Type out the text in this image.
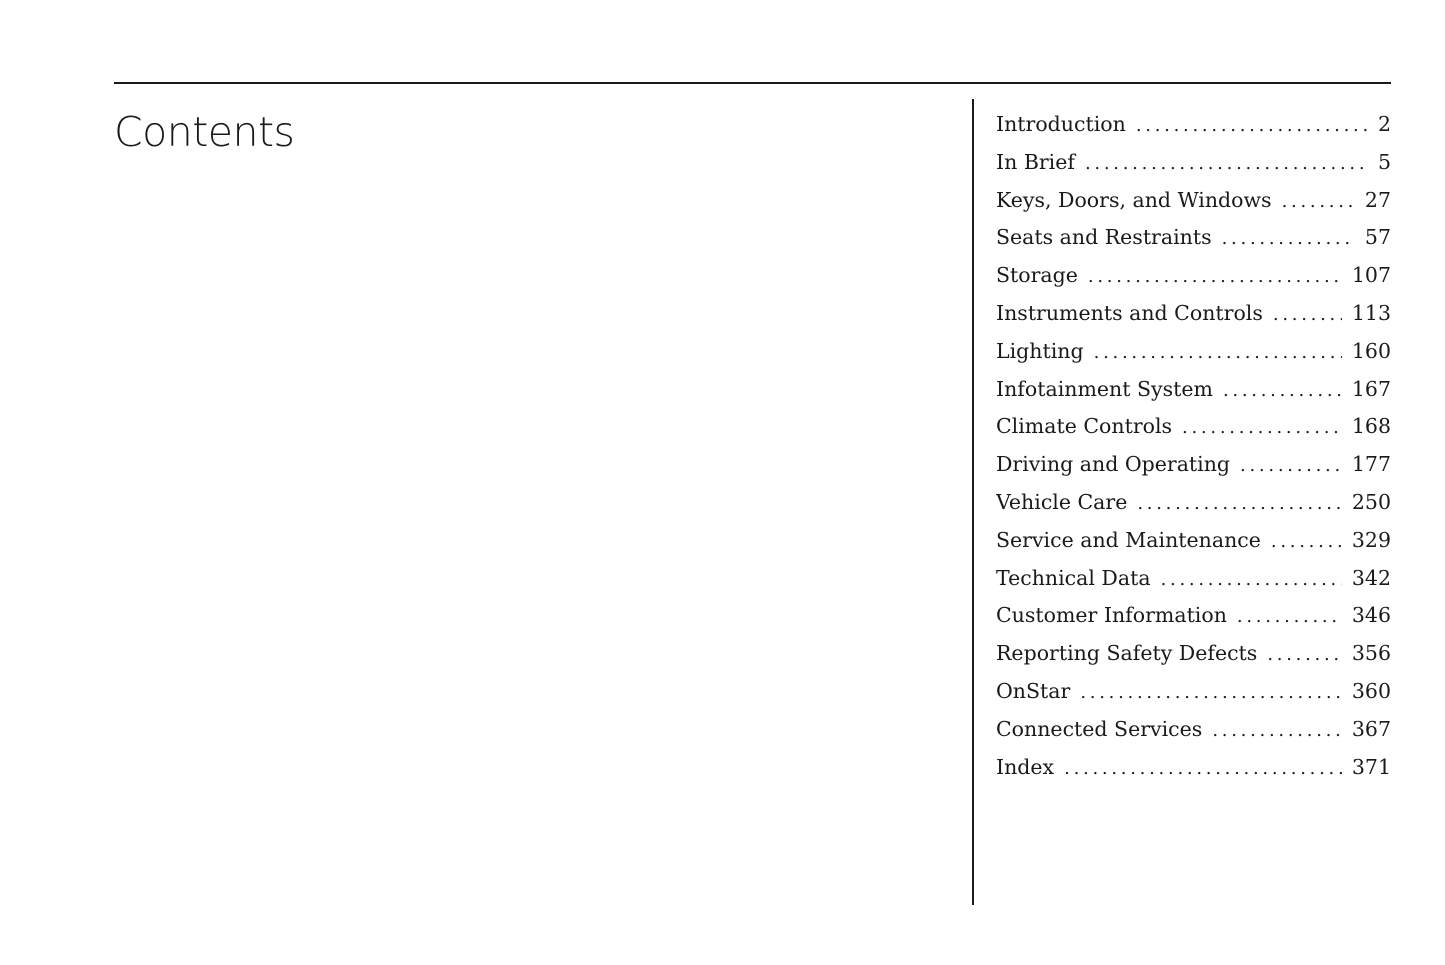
Contents	Introduction . . .	2
In Brief . . .	5
Keys, Doors, and Windows . . .	27
Seats and Restraints . . .	57
Storage . . .	107
Instruments and Controls . . .	113
Lighting . . .	160
Infotainment System . . .	167
Climate Controls . . .	168
Driving and Operating . . .	177
Vehicle Care . . .	250
Service and Maintenance . . .	329
Technical Data . . .	342
Customer Information . . .	346
Reporting Safety Defects . . .	356
OnStar . . .	360
Connected Services . . .	367
Index . . .	371
